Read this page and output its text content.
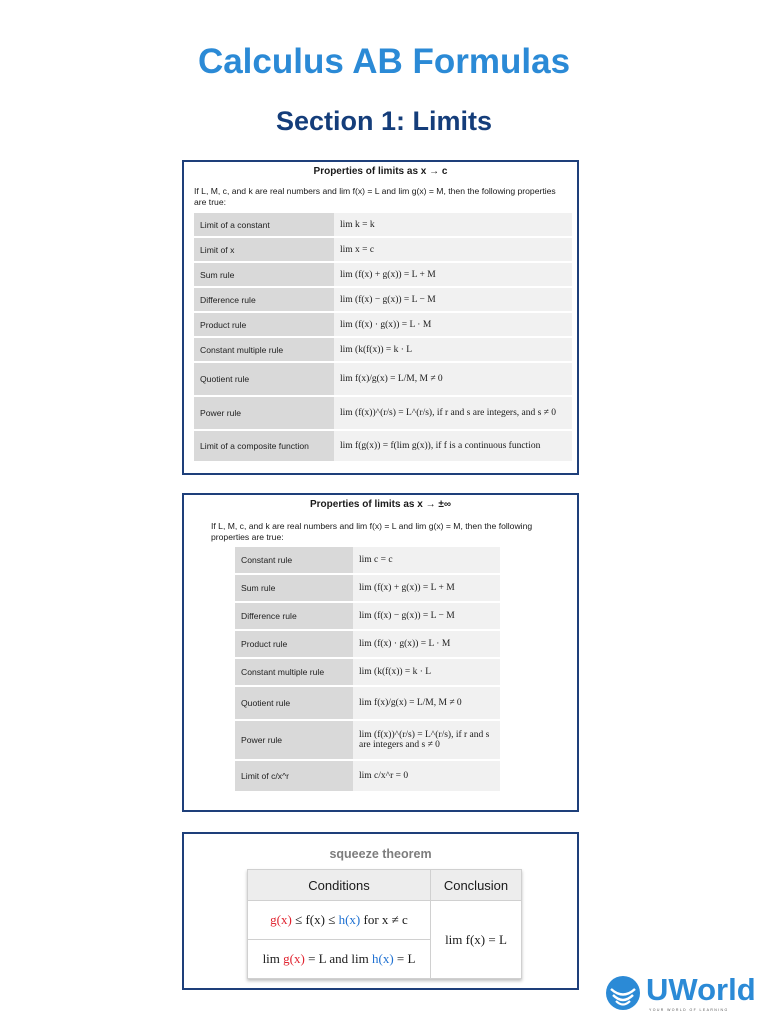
Calculus AB Formulas
Section 1: Limits
Properties of limits as x → c
If L, M, c, and k are real numbers and lim f(x) = L and lim g(x) = M, then the following properties are true:
Limit of a constant	lim k = k
Limit of x	lim x = c
Sum rule	lim (f(x) + g(x)) = L + M
Difference rule	lim (f(x) − g(x)) = L − M
Product rule	lim (f(x) · g(x)) = L · M
Constant multiple rule	lim (k(f(x)) = k · L
Quotient rule	lim f(x)/g(x) = L/M, M ≠ 0
Power rule	lim (f(x))^(r/s) = L^(r/s), if r and s are integers, and s ≠ 0
Limit of a composite function	lim f(g(x)) = f(lim g(x)), if f is a continuous function
Properties of limits as x → ±∞
If L, M, c, and k are real numbers and lim f(x) = L and lim g(x) = M, then the following properties are true:
Constant rule	lim c = c
Sum rule	lim (f(x) + g(x)) = L + M
Difference rule	lim (f(x) − g(x)) = L − M
Product rule	lim (f(x) · g(x)) = L · M
Constant multiple rule	lim (k(f(x)) = k · L
Quotient rule	lim f(x)/g(x) = L/M, M ≠ 0
Power rule	lim (f(x))^(r/s) = L^(r/s), if r and s are integers and s ≠ 0
Limit of c/x^r	lim c/x^r = 0
squeeze theorem
Conditions	Conclusion
g(x) ≤ f(x) ≤ h(x) for x ≠ c	lim f(x) = L
lim g(x) = L and lim h(x) = L	
UWorld
YOUR WORLD OF LEARNING
